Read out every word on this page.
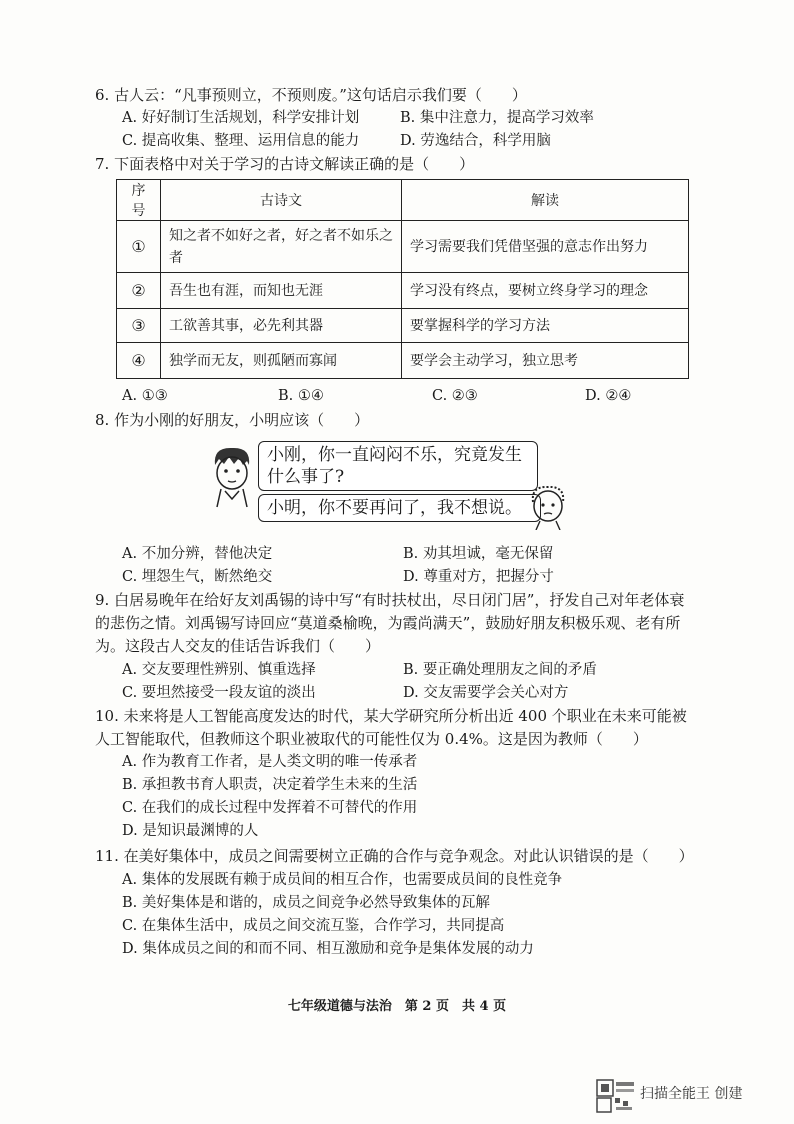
6. 古人云：“凡事预则立，不预则废。”这句话启示我们要（　　）
A. 好好制订生活规划，科学安排计划	B. 集中注意力，提高学习效率
C. 提高收集、整理、运用信息的能力	D. 劳逸结合，科学用脑
7. 下面表格中对关于学习的古诗文解读正确的是（　　）
序号	古诗文	解读
①	知之者不如好之者，好之者不如乐之者	学习需要我们凭借坚强的意志作出努力
②	吾生也有涯，而知也无涯	学习没有终点，要树立终身学习的理念
③	工欲善其事，必先利其器	要掌握科学的学习方法
④	独学而无友，则孤陋而寡闻	要学会主动学习，独立思考
A. ①③	B. ①④	C. ②③	D. ②④
8. 作为小刚的好朋友，小明应该（　　）
小刚，你一直闷闷不乐，究竟发生什么事了?
小明，你不要再问了，我不想说。
A. 不加分辨，替他决定	B. 劝其坦诚，毫无保留
C. 埋怨生气，断然绝交	D. 尊重对方，把握分寸
9. 白居易晚年在给好友刘禹锡的诗中写“有时扶杖出，尽日闭门居”，抒发自己对年老体衰的悲伤之情。刘禹锡写诗回应“莫道桑榆晚，为霞尚满天”，鼓励好朋友积极乐观、老有所为。这段古人交友的佳话告诉我们（　　）
A. 交友要理性辨别、慎重选择	B. 要正确处理朋友之间的矛盾
C. 要坦然接受一段友谊的淡出	D. 交友需要学会关心对方
10. 未来将是人工智能高度发达的时代，某大学研究所分析出近 400 个职业在未来可能被人工智能取代，但教师这个职业被取代的可能性仅为 0.4%。这是因为教师（　　）
A. 作为教育工作者，是人类文明的唯一传承者
B. 承担教书育人职责，决定着学生未来的生活
C. 在我们的成长过程中发挥着不可替代的作用
D. 是知识最渊博的人
11. 在美好集体中，成员之间需要树立正确的合作与竞争观念。对此认识错误的是（　　）
A. 集体的发展既有赖于成员间的相互合作，也需要成员间的良性竞争
B. 美好集体是和谐的，成员之间竞争必然导致集体的瓦解
C. 在集体生活中，成员之间交流互鉴，合作学习，共同提高
D. 集体成员之间的和而不同、相互激励和竞争是集体发展的动力
七年级道德与法治　第 2 页　共 4 页
扫描全能王 创建
